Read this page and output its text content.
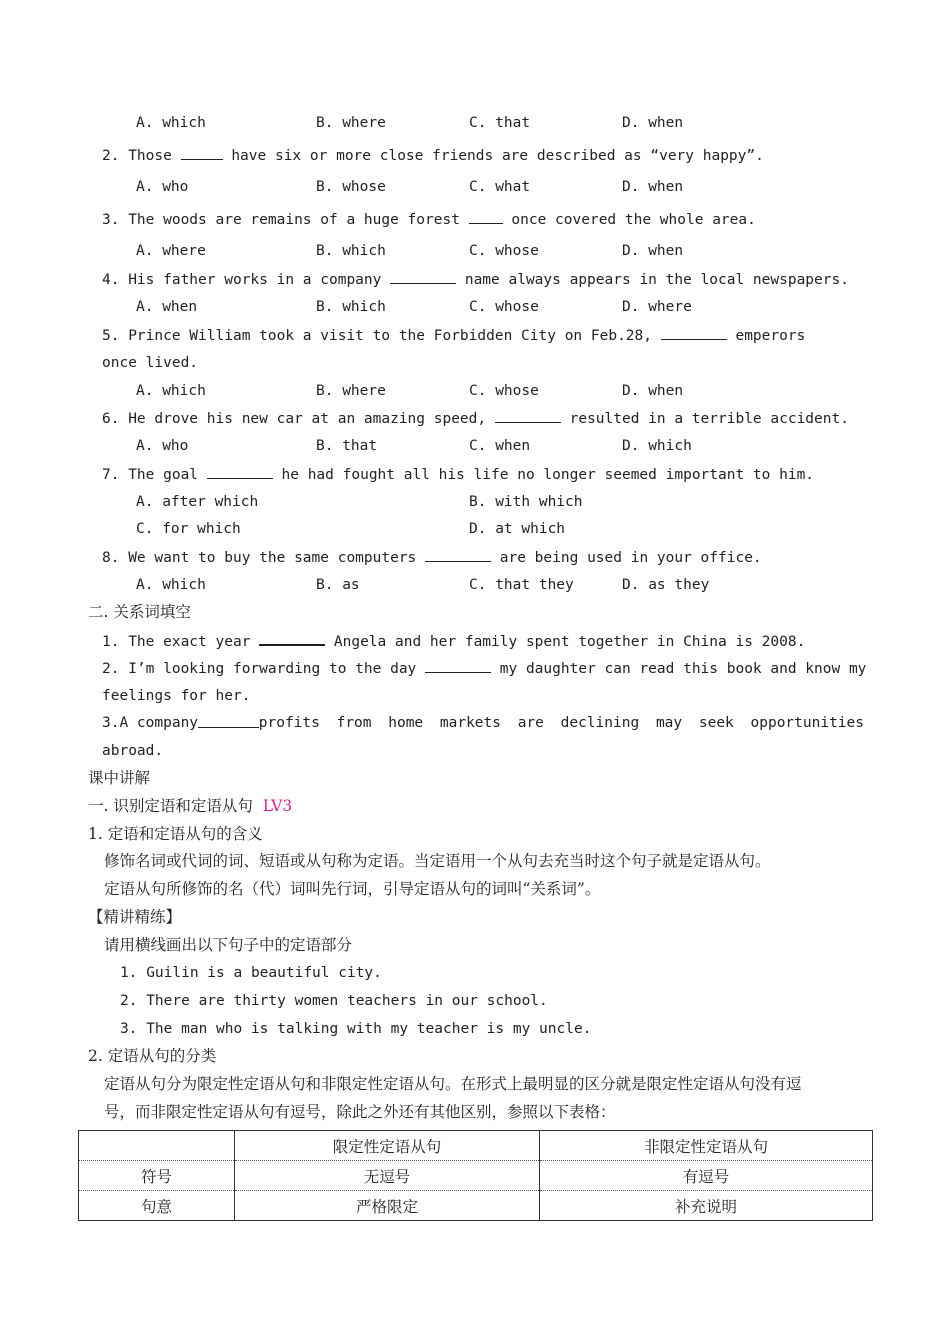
A. which	B. where	C. that	D. when
2. Those	have six or more close friends are described as “very happy”.
A. who	B. whose	C. what	D. when
3. The woods are remains of a huge forest	once covered the whole area.
A. where	B. which	C. whose	D. when
4. His father works in a company	name always appears in the local newspapers.
A. when	B. which	C. whose	D. where
5. Prince William took a visit to the Forbidden City on Feb.28,	emperors
once lived.
A. which	B. where	C. whose	D. when
6. He drove his new car at an amazing speed,	resulted in a terrible accident.
A. who	B. that	C. when	D. which
7. The goal	he had fought all his life no longer seemed important to him.
A. after which	B. with which
C. for which	D. at which
8. We want to buy the same computers	are being used in your office.
A. which	B. as	C. that they	D. as they
二. 关系词填空
1. The exact year	Angela and her family spent together in China is 2008.
2. I’m looking forwarding to the day	my daughter can read this book and know my
feelings for her.
3. A company	profits from home markets are declining may seek opportunities
abroad.
课中讲解
一. 识别定语和定语从句 LV3
1. 定语和定语从句的含义
修饰名词或代词的词、短语或从句称为定语。当定语用一个从句去充当时这个句子就是定语从句。
定语从句所修饰的名（代）词叫先行词，引导定语从句的词叫“关系词”。
【精讲精练】
请用横线画出以下句子中的定语部分
1. Guilin is a beautiful city.
2. There are thirty women teachers in our school.
3. The man who is talking with my teacher is my uncle.
2. 定语从句的分类
定语从句分为限定性定语从句和非限定性定语从句。在形式上最明显的区分就是限定性定语从句没有逗
号，而非限定性定语从句有逗号，除此之外还有其他区别，参照以下表格：
	限定性定语从句	非限定性定语从句
符号	无逗号	有逗号
句意	严格限定	补充说明
